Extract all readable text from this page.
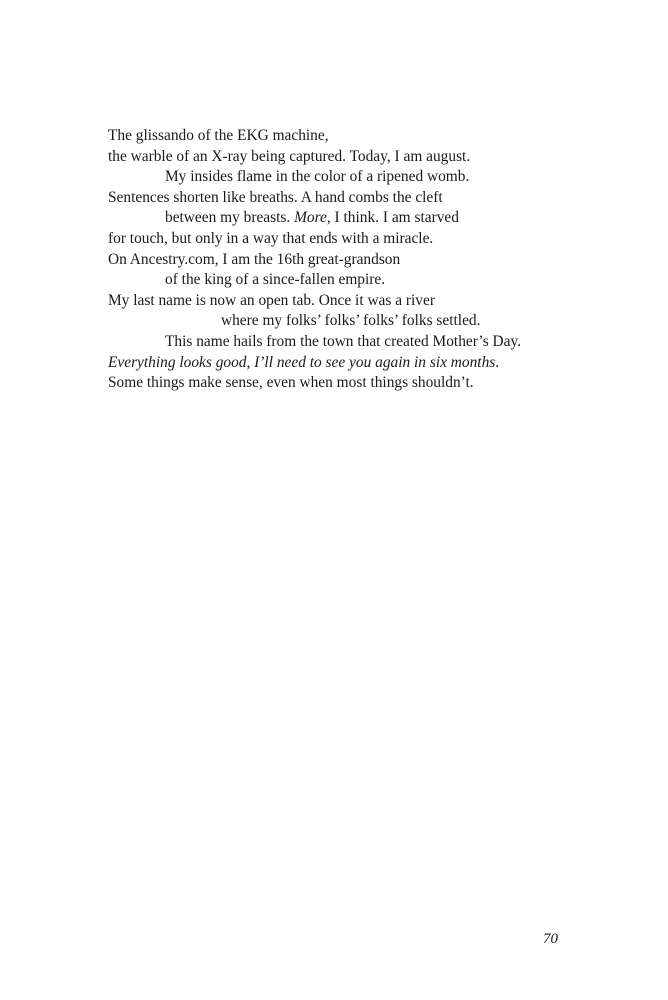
The glissando of the EKG machine,
the warble of an X-ray being captured. Today, I am august.
My insides flame in the color of a ripened womb.
Sentences shorten like breaths. A hand combs the cleft
between my breasts. More, I think. I am starved
for touch, but only in a way that ends with a miracle.
On Ancestry.com, I am the 16th great-grandson
of the king of a since-fallen empire.
My last name is now an open tab. Once it was a river
where my folks’ folks’ folks’ folks settled.
This name hails from the town that created Mother’s Day.
Everything looks good, I’ll need to see you again in six months.
Some things make sense, even when most things shouldn’t.
70
